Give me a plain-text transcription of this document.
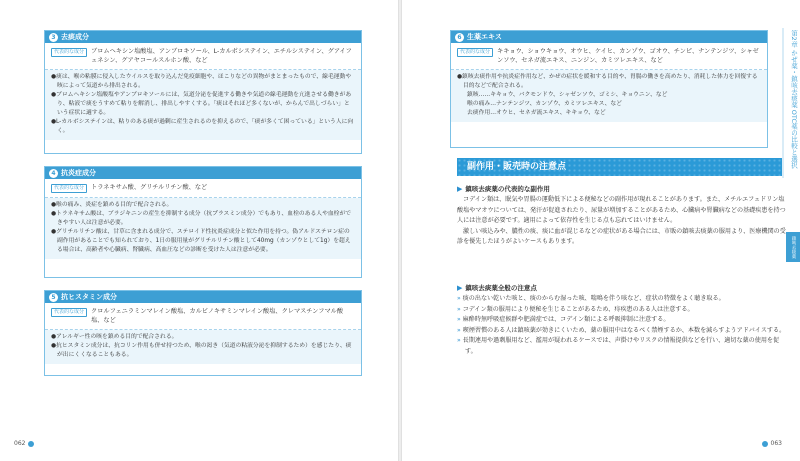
3 去痰成分
代表的な成分	ブロムヘキシン塩酸塩、アンブロキソール、L-カルボシステイン、エチルシステイン、グアイフェネシン、グアヤコールスルホン酸、など

●痰は、喉の粘膜に侵入したウイルスを取り込んだ免疫細胞や、ほこりなどの異物がまとまったもので、線毛運動や咳によって気道から排出される。

●ブロムヘキシン塩酸塩やアンブロキソールには、気道分泌を促進する働きや気道の線毛運動を亢進させる働きがあり、粘液で痰をうすめて粘りを解消し、排出しやすくする。「痰はそれほど多くないが、からんで出しづらい」という症状に適する。

●L-カルボシステインは、粘りのある痰が過剰に産生されるのを抑えるので、「痰が多くて困っている」という人に向く。

4 抗炎症成分
代表的な成分	トラネキサム酸、グリチルリチン酸、など

●喉の痛み、炎症を鎮める目的で配合される。

●トラネキサム酸は、ブラジキニンの産生を抑制する成分（抗プラスミン成分）でもあり、血栓のある人や血栓ができやすい人は注意が必要。

●グリチルリチン酸は、甘草に含まれる成分で、ステロイド性抗炎症成分と似た作用を持つ。偽アルドステロン症の副作用があることでも知られており、1日の服用量がグリチルリチン酸として40mg（カンゾウとして1g）を超える場合は、高齢者や心臓病、腎臓病、高血圧などの診断を受けた人は注意が必要。

5 抗ヒスタミン成分
代表的な成分	クロルフェニラミンマレイン酸塩、カルビノキサミンマレイン酸塩、クレマスチンフマル酸塩、など

●アレルギー性の咳を鎮める目的で配合される。

●抗ヒスタミン成分は、抗コリン作用も併せ持つため、喉の渇き（気道の粘液分泌を抑制するため）を感じたり、痰が出にくくなることもある。

062
6 生薬エキス
代表的な成分	キキョウ、ショウキョウ、オウヒ、ケイヒ、カンゾウ、ゴオウ、チンピ、ナンテンジツ、シャゼンソウ、セネガ流エキス、ニンジン、カミツレエキス、など

●鎮咳去痰作用や抗炎症作用など、かぜの症状を緩和する目的や、胃腸の働きを高めたり、消耗した体力を回復する目的などで配合される。

鎮咳……キキョウ、バクモンドウ、シャゼンソウ、ゴミシ、キョウニン、など

喉の痛み…ナンテンジツ、カンゾウ、カミツレエキス、など

去痰作用…オウヒ、セネガ流エキス、キキョウ、など

副作用・販売時の注意点
▶ 鎮咳去痰薬の代表的な副作用

コデイン類は、眠気や胃腸の運動低下による便秘などの副作用が現れることがあります。また、メチルエフェドリン塩酸塩やマオウについては、発汗が促進されたり、尿量が増加することがあるため、心臓病や腎臓病などの基礎疾患を持つ人には注意が必要です。適用によって依存性を生じる点も忘れてはいけません。

激しい咳込みや、膿性の痰、痰に血が混じるなどの症状がある場合には、市販の鎮咳去痰薬の服用より、医療機関の受診を優先したほうがよいケースもあります。

▶ 鎮咳去痰薬全般の注意点

» 痰の出ない乾いた咳と、痰のからむ湿った咳、喘鳴を伴う咳など、症状の特徴をよく聴き取る。

» コデイン類の服用により便秘を生じることがあるため、痔疾患のある人は注意する。

» 麻酔時無呼吸症候群や肥満症では、コデイン類による呼吸抑制に注意する。

» 喫煙習慣のある人は鎮咳薬が効きにくいため、薬の服用中はなるべく禁煙するか、本数を減らすようアドバイスする。

» 長期連用や過剰服用など、濫用が疑われるケースでは、声掛けやリスクの情報提供などを行い、適切な薬の使用を促す。

第2章 かぜ薬・鎮咳去痰薬 OTC薬の比較と選択
鎮咳去痰薬
063
